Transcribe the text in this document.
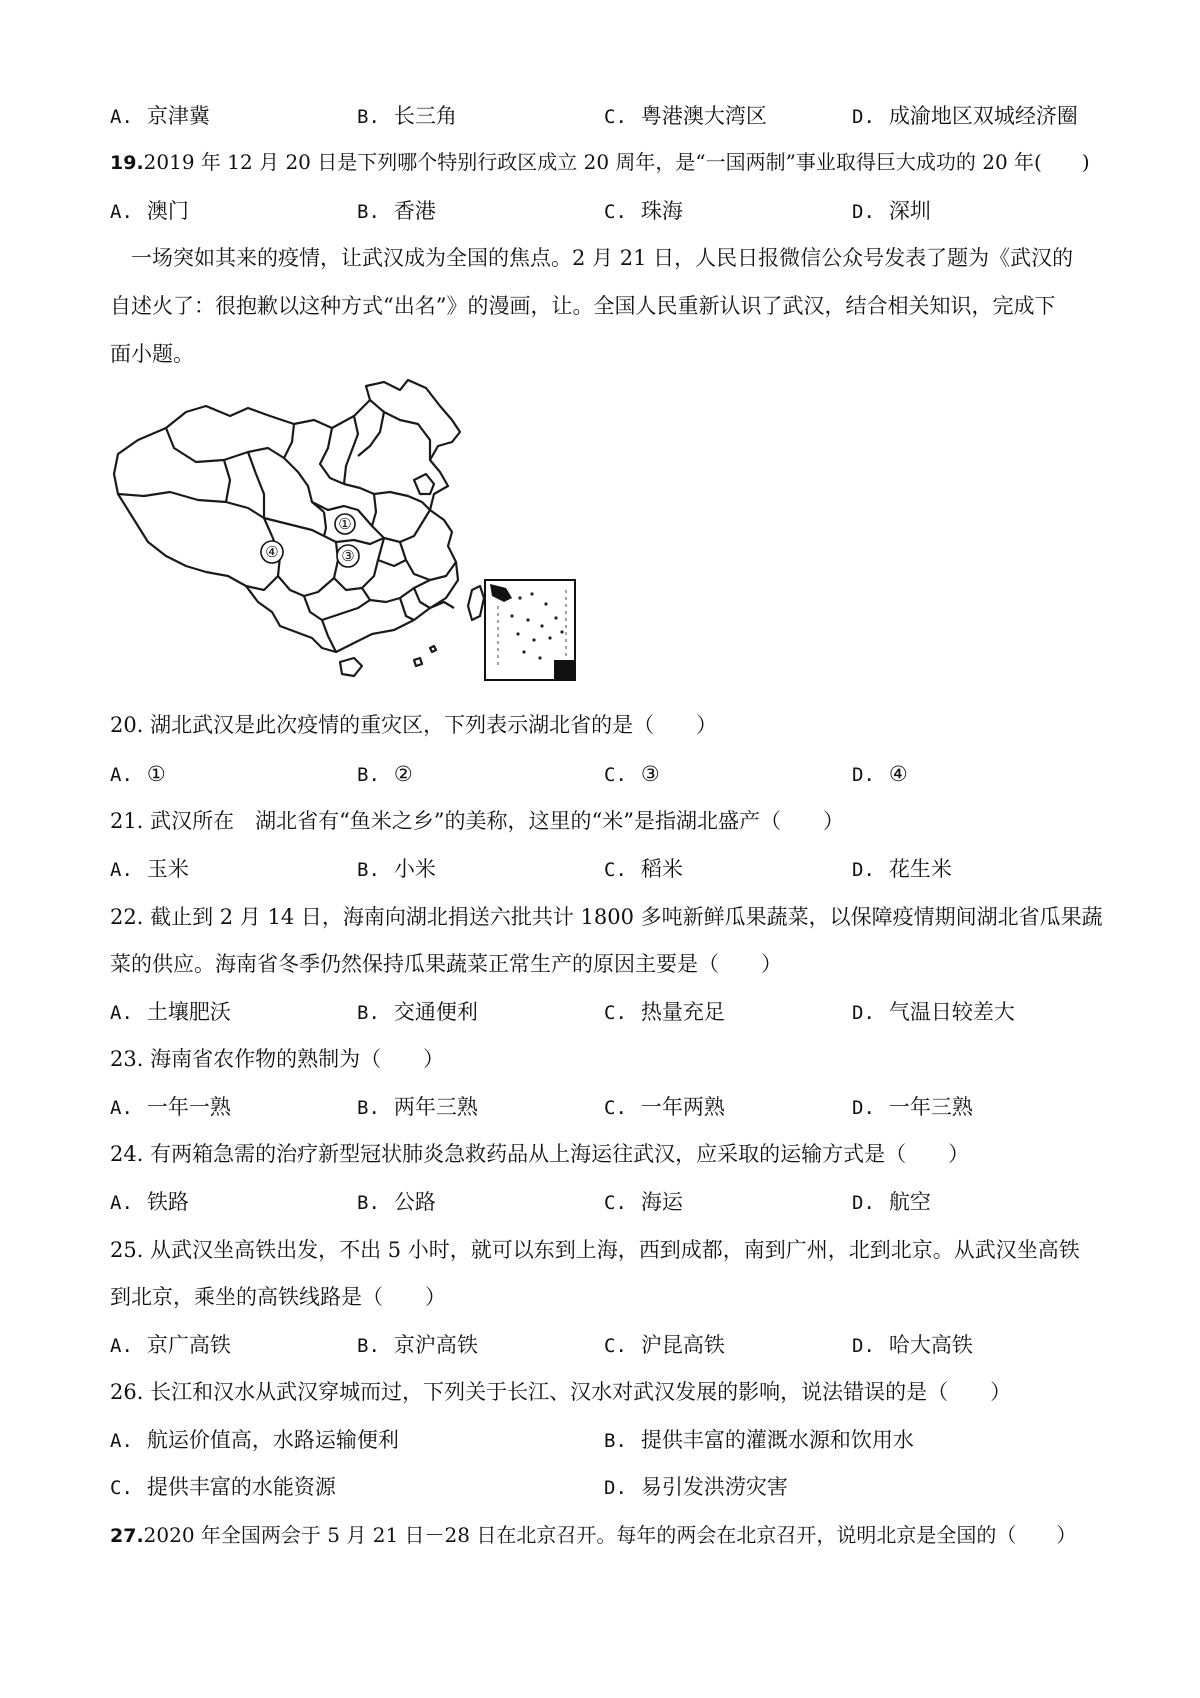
A. 京津冀	B. 长三角	C. 粤港澳大湾区	D. 成渝地区双城经济圈
19.2019 年 12 月 20 日是下列哪个特别行政区成立 20 周年，是“一国两制”事业取得巨大成功的 20 年(　　)
A. 澳门	B. 香港	C. 珠海	D. 深圳
　一场突如其来的疫情，让武汉成为全国的焦点。2 月 21 日，人民日报微信公众号发表了题为《武汉的
自述火了：很抱歉以这种方式“出名”》的漫画，让。全国人民重新认识了武汉，结合相关知识，完成下
面小题。
④
①
③
20. 湖北武汉是此次疫情的重灾区，下列表示湖北省的是（　　）
A. ①	B. ②	C. ③	D. ④
21. 武汉所在　湖北省有“鱼米之乡”的美称，这里的“米”是指湖北盛产（　　）
A. 玉米	B. 小米	C. 稻米	D. 花生米
22. 截止到 2 月 14 日，海南向湖北捐送六批共计 1800 多吨新鲜瓜果蔬菜，以保障疫情期间湖北省瓜果蔬
菜的供应。海南省冬季仍然保持瓜果蔬菜正常生产的原因主要是（　　）
A. 土壤肥沃	B. 交通便利	C. 热量充足	D. 气温日较差大
23. 海南省农作物的熟制为（　　）
A. 一年一熟	B. 两年三熟	C. 一年两熟	D. 一年三熟
24. 有两箱急需的治疗新型冠状肺炎急救药品从上海运往武汉，应采取的运输方式是（　　）
A. 铁路	B. 公路	C. 海运	D. 航空
25. 从武汉坐高铁出发，不出 5 小时，就可以东到上海，西到成都，南到广州，北到北京。从武汉坐高铁
到北京，乘坐的高铁线路是（　　）
A. 京广高铁	B. 京沪高铁	C. 沪昆高铁	D. 哈大高铁
26. 长江和汉水从武汉穿城而过，下列关于长江、汉水对武汉发展的影响，说法错误的是（　　）
A. 航运价值高，水路运输便利	B. 提供丰富的灌溉水源和饮用水
C. 提供丰富的水能资源	D. 易引发洪涝灾害
27.2020 年全国两会于 5 月 21 日－28 日在北京召开。每年的两会在北京召开，说明北京是全国的（　　）
